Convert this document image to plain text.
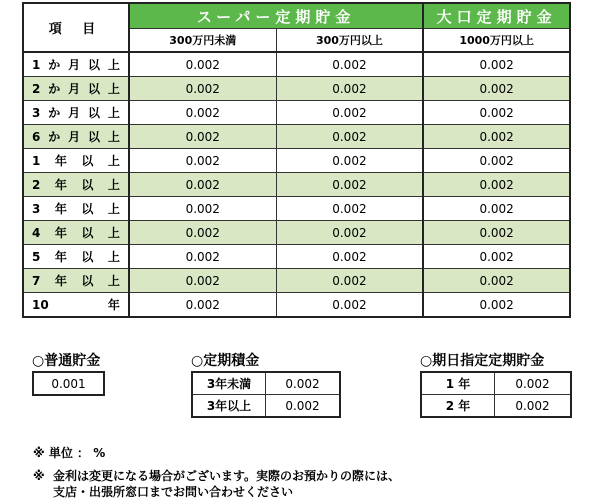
項 目	スーパー定期貯金		大口定期貯金
	300万円未満	300万円以上	1000万円以上
1か月以上	0.002	0.002	0.002
2か月以上	0.002	0.002	0.002
3か月以上	0.002	0.002	0.002
6か月以上	0.002	0.002	0.002
1年以上	0.002	0.002	0.002
2年以上	0.002	0.002	0.002
3年以上	0.002	0.002	0.002
4年以上	0.002	0.002	0.002
5年以上	0.002	0.002	0.002
7年以上	0.002	0.002	0.002
10年	0.002	0.002	0.002
○普通貯金
0.001
○定期積金
3年未満	0.002
3年以上	0.002
○期日指定定期貯金
1 年	0.002
2 年	0.002
※ 単位 ： %
※ 金利は変更になる場合がございます。実際のお預かりの際には、
支店・出張所窓口までお問い合わせください
